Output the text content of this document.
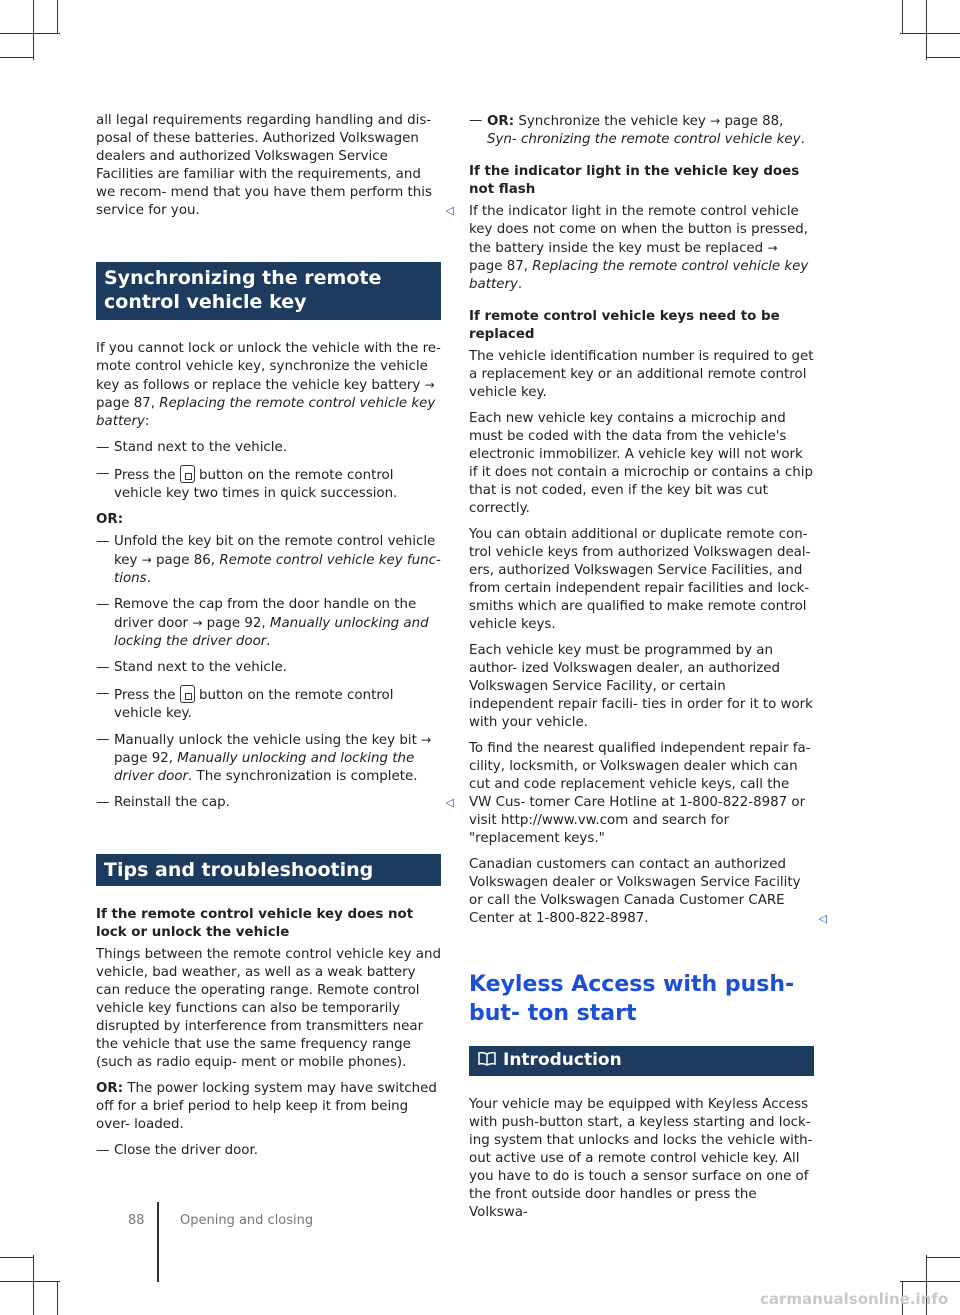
all legal requirements regarding handling and dis- posal of these batteries. Authorized Volkswagen dealers and authorized Volkswagen Service Facilities are familiar with the requirements, and we recom- mend that you have them perform this service for you.	◁

Synchronizing the remote control vehicle key

If you cannot lock or unlock the vehicle with the re- mote control vehicle key, synchronize the vehicle key as follows or replace the vehicle key battery → page 87, Replacing the remote control vehicle key battery:

— Stand next to the vehicle.
— Press the button on the remote control vehicle key two times in quick succession.
OR:
— Unfold the key bit on the remote control vehicle key → page 86, Remote control vehicle key func- tions.
— Remove the cap from the door handle on the driver door → page 92, Manually unlocking and locking the driver door.
— Stand next to the vehicle.
— Press the button on the remote control vehicle key.
— Manually unlock the vehicle using the key bit → page 92, Manually unlocking and locking the driver door. The synchronization is complete.
— Reinstall the cap.	◁
Tips and troubleshooting
If the remote control vehicle key does not lock or unlock the vehicle

Things between the remote control vehicle key and vehicle, bad weather, as well as a weak battery can reduce the operating range. Remote control vehicle key functions can also be temporarily disrupted by interference from transmitters near the vehicle that use the same frequency range (such as radio equip- ment or mobile phones).

OR: The power locking system may have switched off for a brief period to help keep it from being over- loaded.

— Close the driver door.
— OR: Synchronize the vehicle key → page 88, Syn- chronizing the remote control vehicle key.
If the indicator light in the vehicle key does not flash

If the indicator light in the remote control vehicle key does not come on when the button is pressed, the battery inside the key must be replaced → page 87, Replacing the remote control vehicle key battery.

If remote control vehicle keys need to be replaced

The vehicle identification number is required to get a replacement key or an additional remote control vehicle key.

Each new vehicle key contains a microchip and must be coded with the data from the vehicle's electronic immobilizer. A vehicle key will not work if it does not contain a microchip or contains a chip that is not coded, even if the key bit was cut correctly.

You can obtain additional or duplicate remote con- trol vehicle keys from authorized Volkswagen deal- ers, authorized Volkswagen Service Facilities, and from certain independent repair facilities and lock- smiths which are qualified to make remote control vehicle keys.

Each vehicle key must be programmed by an author- ized Volkswagen dealer, an authorized Volkswagen Service Facility, or certain independent repair facili- ties in order for it to work with your vehicle.

To find the nearest qualified independent repair fa- cility, locksmith, or Volkswagen dealer which can cut and code replacement vehicle keys, call the VW Cus- tomer Care Hotline at 1-800-822-8987 or visit http://www.vw.com and search for "replacement keys."

Canadian customers can contact an authorized Volkswagen dealer or Volkswagen Service Facility or call the Volkswagen Canada Customer CARE Center at 1-800-822-8987.	◁

Keyless Access with push-but- ton start
Introduction

Your vehicle may be equipped with Keyless Access with push-button start, a keyless starting and lock- ing system that unlocks and locks the vehicle with- out active use of a remote control vehicle key. All you have to do is touch a sensor surface on one of the front outside door handles or press the Volkswa-

88	Opening and closing
carmanualsonline.info
